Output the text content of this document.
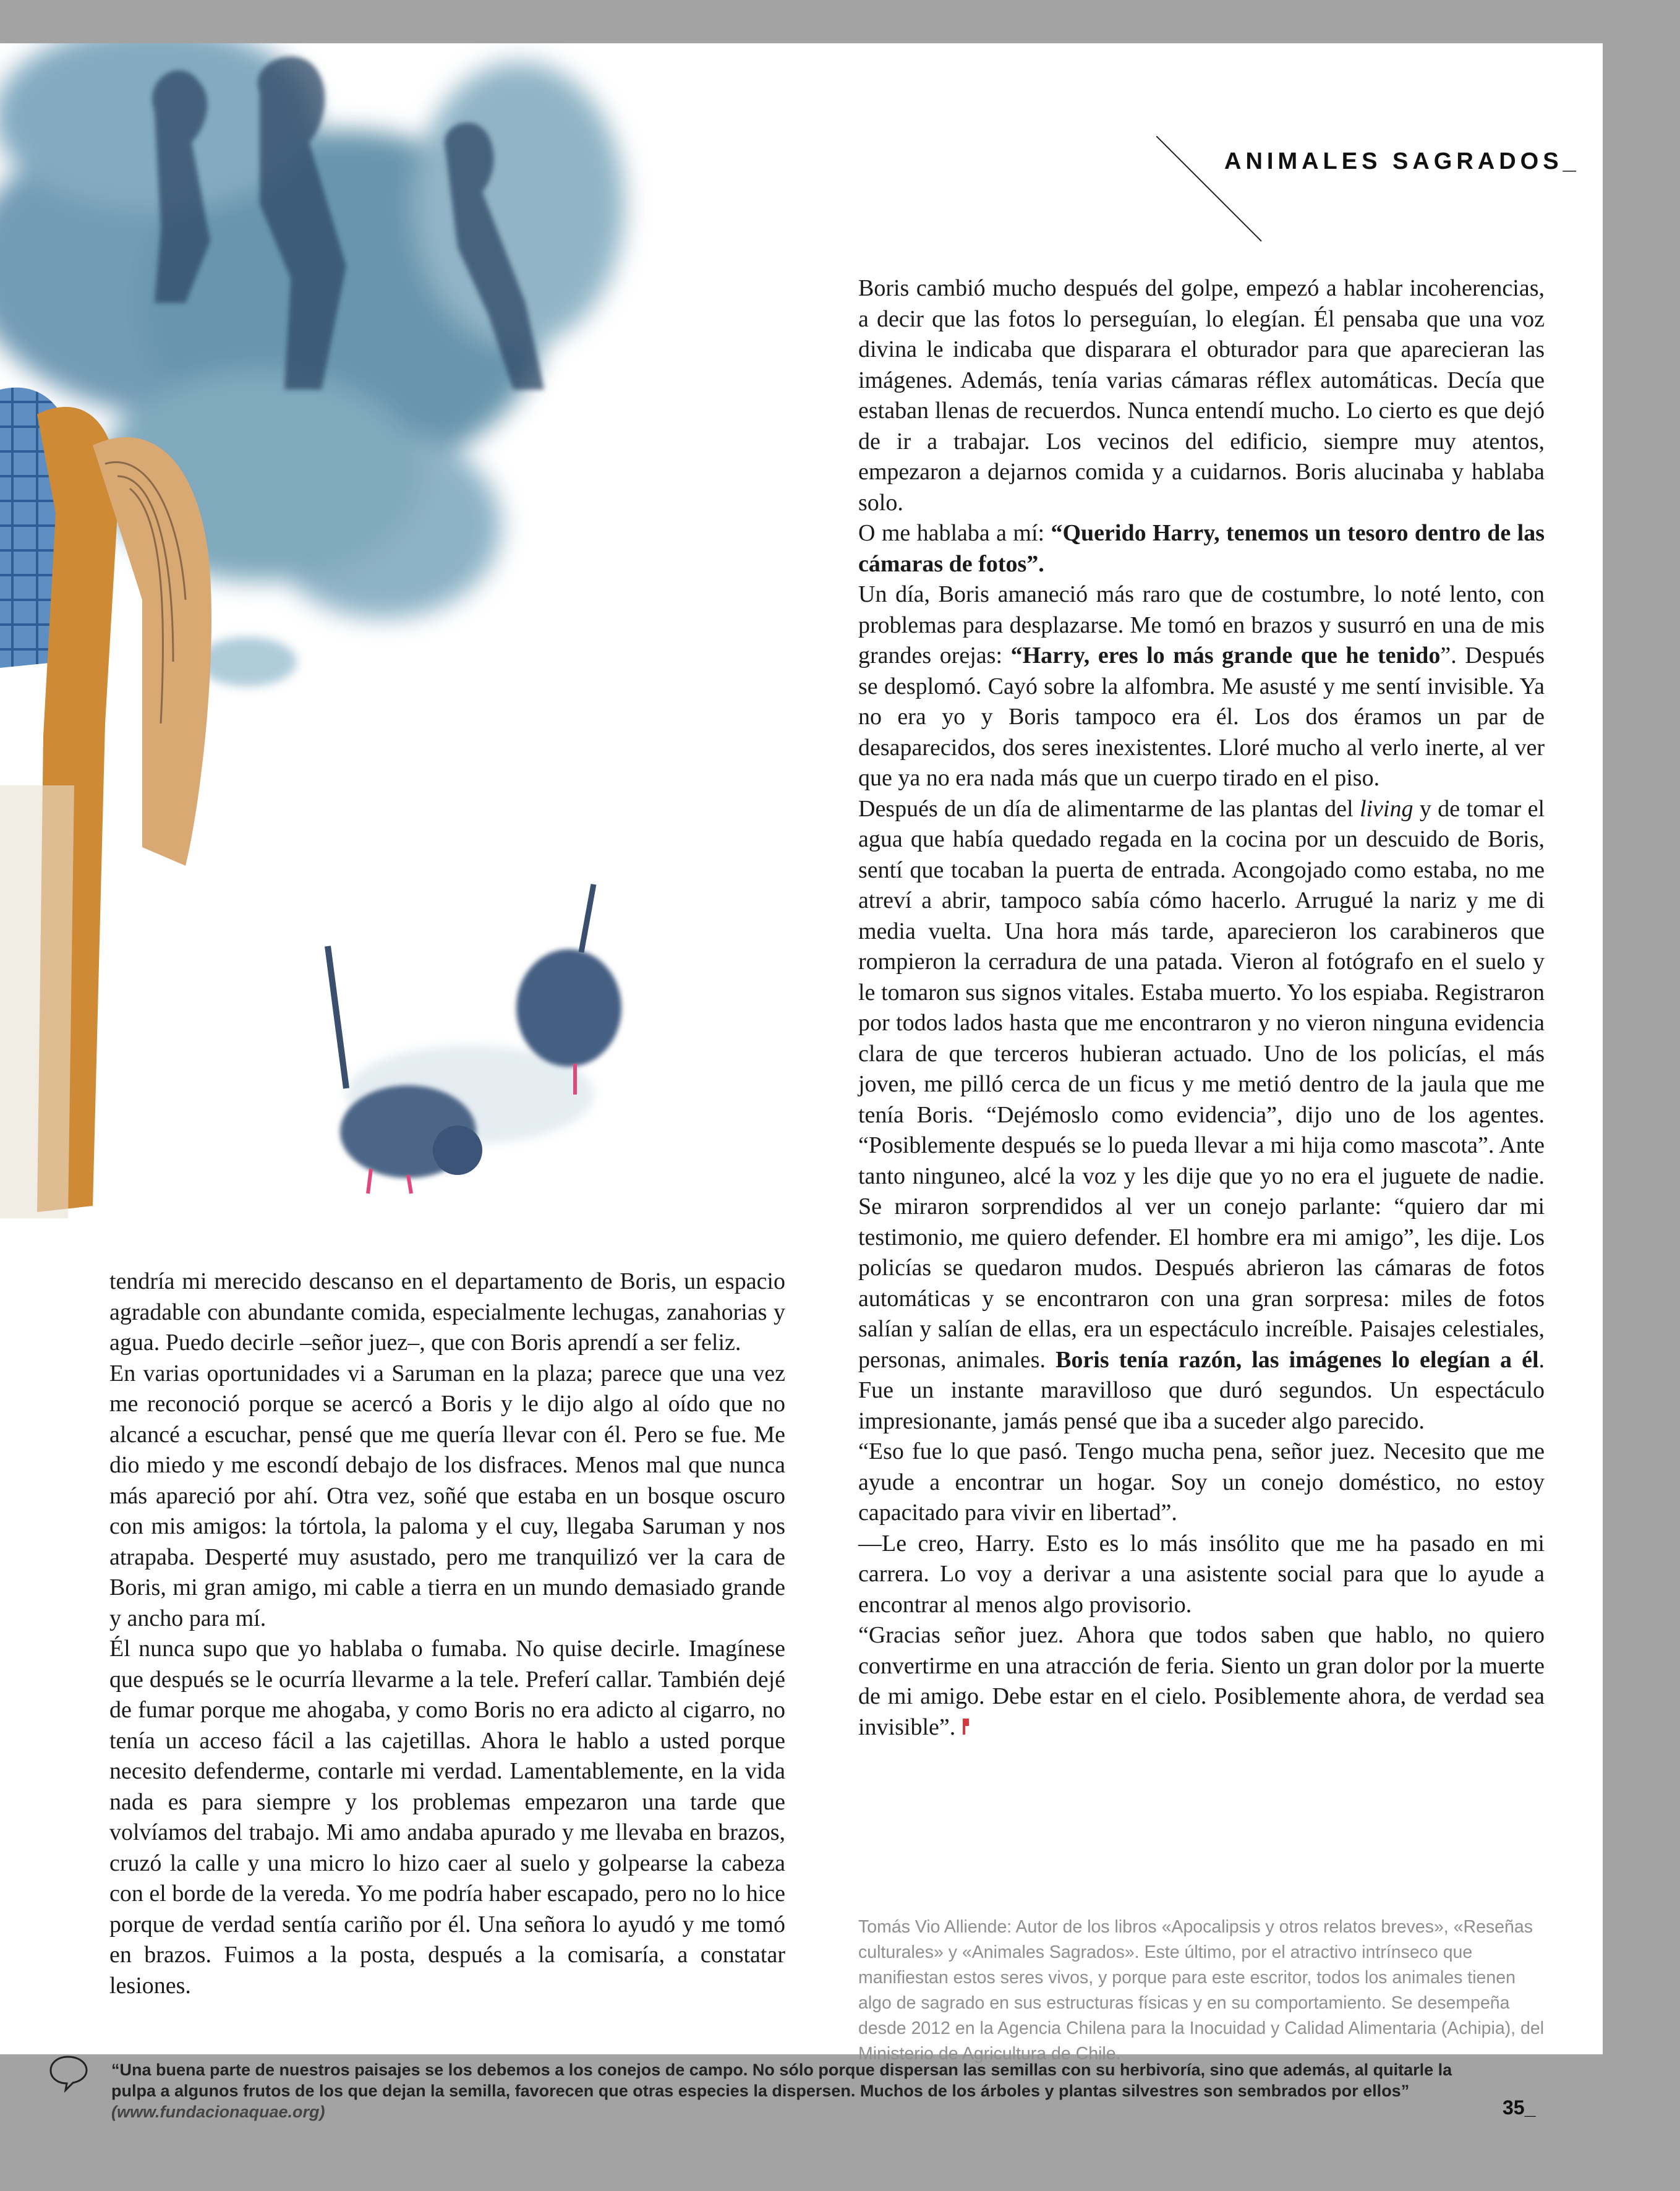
ANIMALES SAGRADOS_

Boris cambió mucho después del golpe, empezó a hablar incoherencias, a decir que las fotos lo perseguían, lo elegían. Él pensaba que una voz divina le indicaba que disparara el obturador para que aparecieran las imágenes. Además, tenía varias cámaras réflex automáticas. Decía que estaban llenas de recuerdos. Nunca entendí mucho. Lo cierto es que dejó de ir a trabajar. Los vecinos del edificio, siempre muy atentos, empezaron a dejarnos comida y a cuidarnos. Boris alucinaba y hablaba solo.

O me hablaba a mí: “Querido Harry, tenemos un tesoro dentro de las cámaras de fotos”.

Un día, Boris amaneció más raro que de costumbre, lo noté lento, con problemas para desplazarse. Me tomó en brazos y susurró en una de mis grandes orejas: “Harry, eres lo más grande que he tenido”. Después se desplomó. Cayó sobre la alfombra. Me asusté y me sentí invisible. Ya no era yo y Boris tampoco era él. Los dos éramos un par de desaparecidos, dos seres inexistentes. Lloré mucho al verlo inerte, al ver que ya no era nada más que un cuerpo tirado en el piso.

Después de un día de alimentarme de las plantas del living y de tomar el agua que había quedado regada en la cocina por un descuido de Boris, sentí que tocaban la puerta de entrada. Acongojado como estaba, no me atreví a abrir, tampoco sabía cómo hacerlo. Arrugué la nariz y me di media vuelta. Una hora más tarde, aparecieron los carabineros que rompieron la cerradura de una patada. Vieron al fotógrafo en el suelo y le tomaron sus signos vitales. Estaba muerto. Yo los espiaba. Registraron por todos lados hasta que me encontraron y no vieron ninguna evidencia clara de que terceros hubieran actuado. Uno de los policías, el más joven, me pilló cerca de un ficus y me metió dentro de la jaula que me tenía Boris. “Dejémoslo como evidencia”, dijo uno de los agentes. “Posiblemente después se lo pueda llevar a mi hija como mascota”. Ante tanto ninguneo, alcé la voz y les dije que yo no era el juguete de nadie. Se miraron sorprendidos al ver un conejo parlante: “quiero dar mi testimonio, me quiero defender. El hombre era mi amigo”, les dije. Los policías se quedaron mudos. Después abrieron las cámaras de fotos automáticas y se encontraron con una gran sorpresa: miles de fotos salían y salían de ellas, era un espectáculo increíble. Paisajes celestiales, personas, animales. Boris tenía razón, las imágenes lo elegían a él. Fue un instante maravilloso que duró segundos. Un espectáculo impresionante, jamás pensé que iba a suceder algo parecido.

“Eso fue lo que pasó. Tengo mucha pena, señor juez. Necesito que me ayude a encontrar un hogar. Soy un conejo doméstico, no estoy capacitado para vivir en libertad”.

—Le creo, Harry. Esto es lo más insólito que me ha pasado en mi carrera. Lo voy a derivar a una asistente social para que lo ayude a encontrar al menos algo provisorio.

“Gracias señor juez. Ahora que todos saben que hablo, no quiero convertirme en una atracción de feria. Siento un gran dolor por la muerte de mi amigo. Debe estar en el cielo. Posiblemente ahora, de verdad sea invisible”.

tendría mi merecido descanso en el departamento de Boris, un espacio agradable con abundante comida, especialmente lechugas, zanahorias y agua. Puedo decirle –señor juez–, que con Boris aprendí a ser feliz.

En varias oportunidades vi a Saruman en la plaza; parece que una vez me reconoció porque se acercó a Boris y le dijo algo al oído que no alcancé a escuchar, pensé que me quería llevar con él. Pero se fue. Me dio miedo y me escondí debajo de los disfraces. Menos mal que nunca más apareció por ahí. Otra vez, soñé que estaba en un bosque oscuro con mis amigos: la tórtola, la paloma y el cuy, llegaba Saruman y nos atrapaba. Desperté muy asustado, pero me tranquilizó ver la cara de Boris, mi gran amigo, mi cable a tierra en un mundo demasiado grande y ancho para mí.

Él nunca supo que yo hablaba o fumaba. No quise decirle. Imagínese que después se le ocurría llevarme a la tele. Preferí callar. También dejé de fumar porque me ahogaba, y como Boris no era adicto al cigarro, no tenía un acceso fácil a las cajetillas. Ahora le hablo a usted porque necesito defenderme, contarle mi verdad. Lamentablemente, en la vida nada es para siempre y los problemas empezaron una tarde que volvíamos del trabajo. Mi amo andaba apurado y me llevaba en brazos, cruzó la calle y una micro lo hizo caer al suelo y golpearse la cabeza con el borde de la vereda. Yo me podría haber escapado, pero no lo hice porque de verdad sentía cariño por él. Una señora lo ayudó y me tomó en brazos. Fuimos a la posta, después a la comisaría, a constatar lesiones.

Tomás Vio Alliende: Autor de los libros «Apocalipsis y otros relatos breves», «Reseñas culturales» y «Animales Sagrados». Este último, por el atractivo intrínseco que manifiestan estos seres vivos, y porque para este escritor, todos los animales tienen algo de sagrado en sus estructuras físicas y en su comportamiento. Se desempeña desde 2012 en la Agencia Chilena para la Inocuidad y Calidad Alimentaria (Achipia), del Ministerio de Agricultura de Chile.
“Una buena parte de nuestros paisajes se los debemos a los conejos de campo. No sólo porque dispersan las semillas con su herbivoría, sino que además, al quitarle la pulpa a algunos frutos de los que dejan la semilla, favorecen que otras especies la dispersen. Muchos de los árboles y plantas silvestres son sembrados por ellos”
(www.fundacionaquae.org)	35_
